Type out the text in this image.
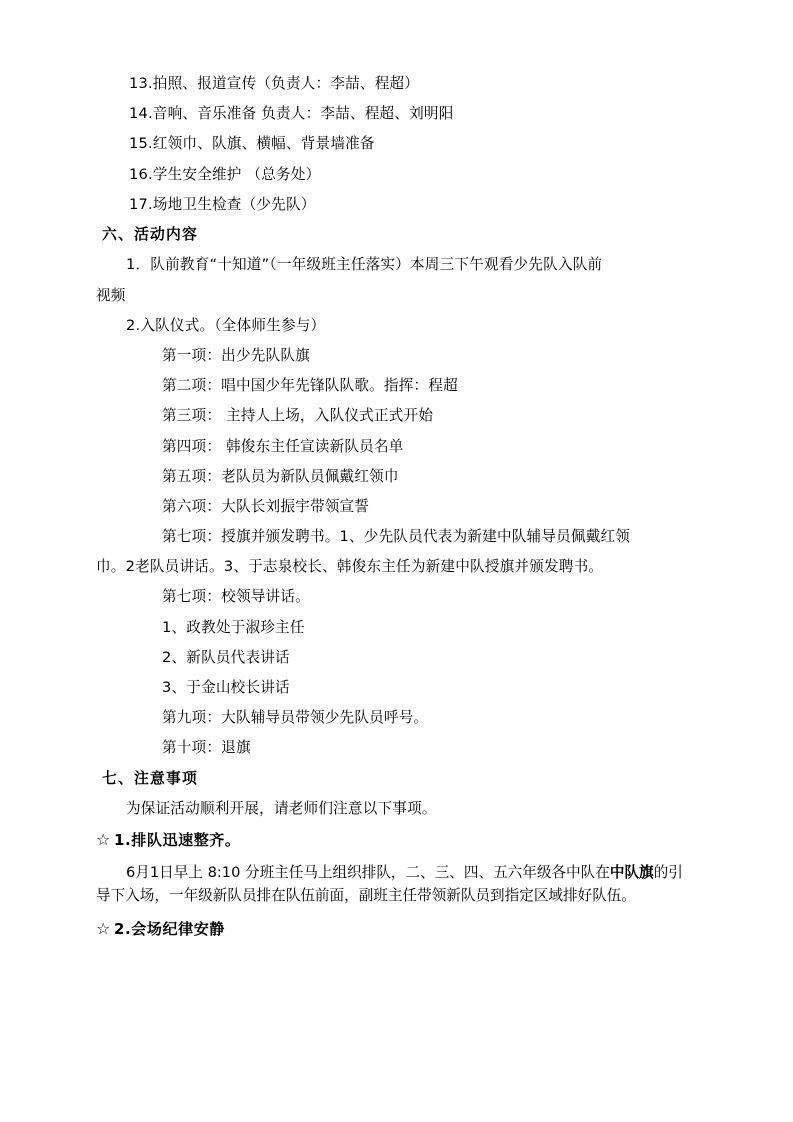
13.拍照、报道宣传（负责人：李喆、程超）

14.音响、音乐准备 负责人：李喆、程超、刘明阳

15.红领巾、队旗、横幅、背景墙准备

16.学生安全维护 （总务处）

17.场地卫生检查（少先队）

六、活动内容

1．队前教育“十知道”（一年级班主任落实）本周三下午观看少先队入队前

视频

2.入队仪式。（全体师生参与）

第一项：出少先队队旗

第二项：唱中国少年先锋队队歌。指挥：程超

第三项： 主持人上场，入队仪式正式开始

第四项： 韩俊东主任宣读新队员名单

第五项：老队员为新队员佩戴红领巾

第六项：大队长刘振宇带领宣誓

第七项：授旗并颁发聘书。1、少先队员代表为新建中队辅导员佩戴红领

巾。2老队员讲话。3、于志泉校长、韩俊东主任为新建中队授旗并颁发聘书。

第七项：校领导讲话。

1、政教处于淑珍主任

2、新队员代表讲话

3、于金山校长讲话

第九项：大队辅导员带领少先队员呼号。

第十项：退旗

七、注意事项

为保证活动顺利开展，请老师们注意以下事项。

☆ 1.排队迅速整齐。

6月1日早上 8:10 分班主任马上组织排队，二、三、四、五六年级各中队在中队旗的引导下入场，一年级新队员排在队伍前面，副班主任带领新队员到指定区域排好队伍。

☆ 2.会场纪律安静
